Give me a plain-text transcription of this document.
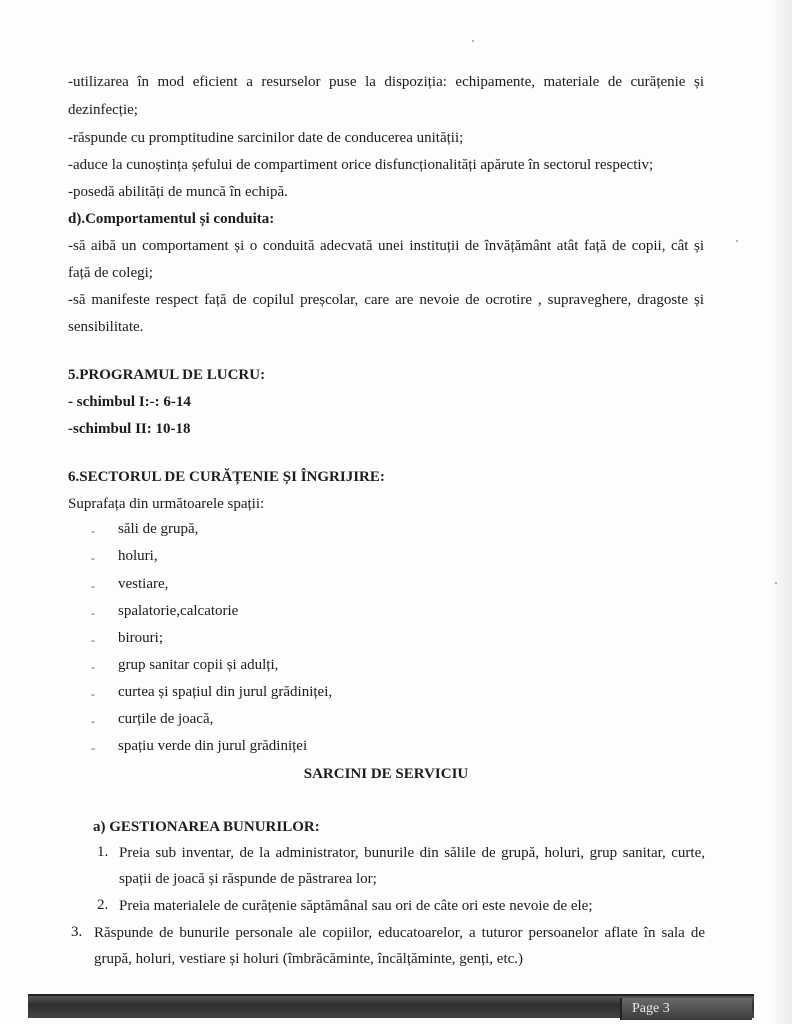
-utilizarea în mod eficient a resurselor puse la dispoziția: echipamente, materiale de curățenie și
dezinfecție;
-răspunde cu promptitudine sarcinilor date de conducerea unității;
-aduce la cunoștința șefului de compartiment orice disfuncționalități apărute în sectorul respectiv;
-posedă abilități de muncă în echipă.
d).Comportamentul și conduita:
-să aibă un comportament și o conduită adecvată unei instituții de învățământ atât față de copii, cât și
față de colegi;
-să manifeste respect față de copilul preșcolar, care are nevoie de ocrotire , supraveghere, dragoste și
sensibilitate.
5.PROGRAMUL DE LUCRU:
- schimbul I:-: 6-14
-schimbul II: 10-18
6.SECTORUL DE CURĂȚENIE ȘI ÎNGRIJIRE:
Suprafața din următoarele spații:
- săli de grupă,
- holuri,
- vestiare,
- spalatorie,calcatorie
- birouri;
- grup sanitar copii și adulți,
- curtea și spațiul din jurul grădiniței,
- curțile de joacă,
- spațiu verde din jurul grădiniței
SARCINI DE SERVICIU
a) GESTIONAREA BUNURILOR:
1. Preia sub inventar, de la administrator, bunurile din sălile de grupă, holuri, grup sanitar, curte,
spații de joacă și răspunde de păstrarea lor;
2. Preia materialele de curățenie săptămânal sau ori de câte ori este nevoie de ele;
3. Răspunde de bunurile personale ale copiilor, educatoarelor, a tuturor persoanelor aflate în sala de
grupă, holuri, vestiare și holuri (îmbrăcăminte, încălțăminte, genți, etc.)
Page 3
